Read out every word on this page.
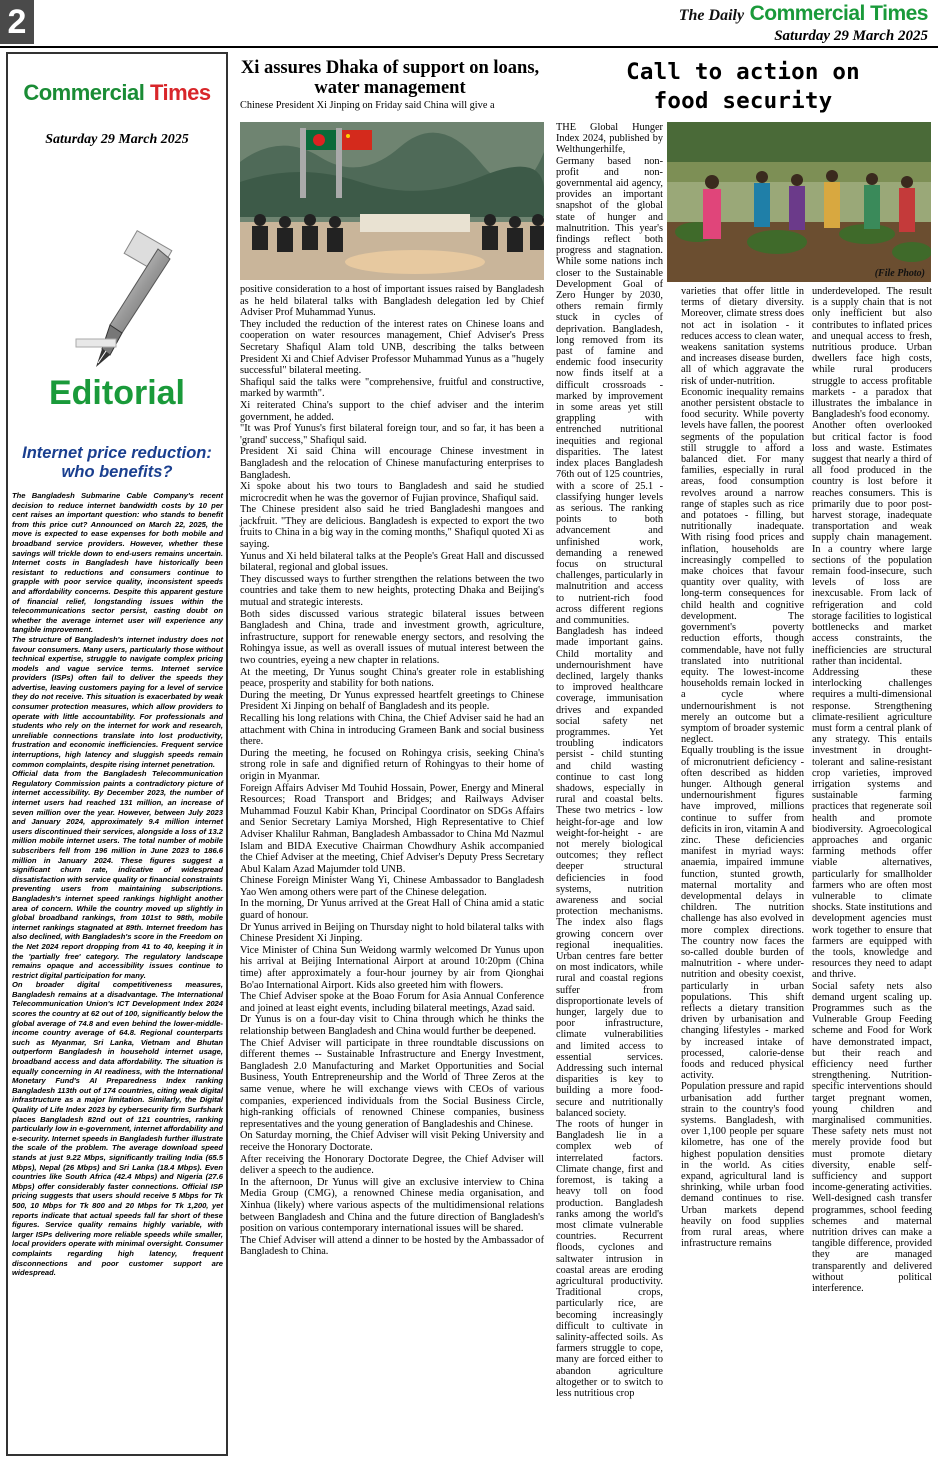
2	The Daily Commercial Times
Saturday 29 March 2025
Commercial Times
Saturday 29 March 2025
Editorial
Internet price reduction: who benefits?

The Bangladesh Submarine Cable Company's recent decision to reduce internet bandwidth costs by 10 per cent raises an important question: who stands to benefit from this price cut? Announced on March 22, 2025, the move is expected to ease expenses for both mobile and broadband service providers. However, whether these savings will trickle down to end-users remains uncertain. Internet costs in Bangladesh have historically been resistant to reductions and consumers continue to grapple with poor service quality, inconsistent speeds and affordability concerns. Despite this apparent gesture of financial relief, longstanding issues within the telecommunications sector persist, casting doubt on whether the average internet user will experience any tangible improvement.

The structure of Bangladesh's internet industry does not favour consumers. Many users, particularly those without technical expertise, struggle to navigate complex pricing models and vague service terms. Internet service providers (ISPs) often fail to deliver the speeds they advertise, leaving customers paying for a level of service they do not receive. This situation is exacerbated by weak consumer protection measures, which allow providers to operate with little accountability. For professionals and students who rely on the internet for work and research, unreliable connections translate into lost productivity, frustration and economic inefficiencies. Frequent service interruptions, high latency and sluggish speeds remain common complaints, despite rising internet penetration.

Official data from the Bangladesh Telecommunication Regulatory Commission paints a contradictory picture of internet accessibility. By December 2023, the number of internet users had reached 131 million, an increase of seven million over the year. However, between July 2023 and January 2024, approximately 9.4 million internet users discontinued their services, alongside a loss of 13.2 million mobile internet users. The total number of mobile subscribers fell from 196 million in June 2023 to 186.6 million in January 2024. These figures suggest a significant churn rate, indicative of widespread dissatisfaction with service quality or financial constraints preventing users from maintaining subscriptions. Bangladesh's internet speed rankings highlight another area of concern. While the country moved up slightly in global broadband rankings, from 101st to 98th, mobile internet rankings stagnated at 89th. Internet freedom has also declined, with Bangladesh's score in the Freedom on the Net 2024 report dropping from 41 to 40, keeping it in the 'partially free' category. The regulatory landscape remains opaque and accessibility issues continue to restrict digital participation for many.

On broader digital competitiveness measures, Bangladesh remains at a disadvantage. The International Telecommunication Union's ICT Development Index 2024 scores the country at 62 out of 100, significantly below the global average of 74.8 and even behind the lower-middle-income country average of 64.8. Regional counterparts such as Myanmar, Sri Lanka, Vietnam and Bhutan outperform Bangladesh in household internet usage, broadband access and data affordability. The situation is equally concerning in AI readiness, with the International Monetary Fund's AI Preparedness Index ranking Bangladesh 113th out of 174 countries, citing weak digital infrastructure as a major limitation. Similarly, the Digital Quality of Life Index 2023 by cybersecurity firm Surfshark places Bangladesh 82nd out of 121 countries, ranking particularly low in e-government, internet affordability and e-security. Internet speeds in Bangladesh further illustrate the scale of the problem. The average download speed stands at just 9.22 Mbps, significantly trailing India (65.5 Mbps), Nepal (26 Mbps) and Sri Lanka (18.4 Mbps). Even countries like South Africa (42.4 Mbps) and Nigeria (27.6 Mbps) offer considerably faster connections. Official ISP pricing suggests that users should receive 5 Mbps for Tk 500, 10 Mbps for Tk 800 and 20 Mbps for Tk 1,200, yet reports indicate that actual speeds fall far short of these figures. Service quality remains highly variable, with larger ISPs delivering more reliable speeds while smaller, local providers operate with minimal oversight. Consumer complaints regarding high latency, frequent disconnections and poor customer support are widespread.

Xi assures Dhaka of support on loans, water management
Chinese President Xi Jinping on Friday said China will give a

positive consideration to a host of important issues raised by Bangladesh as he held bilateral talks with Bangladesh delegation led by Chief Adviser Prof Muhammad Yunus.

They included the reduction of the interest rates on Chinese loans and cooperation on water resources management, Chief Adviser's Press Secretary Shafiqul Alam told UNB, describing the talks between President Xi and Chief Adviser Professor Muhammad Yunus as a "hugely successful" bilateral meeting.

Shafiqul said the talks were "comprehensive, fruitful and constructive, marked by warmth".

Xi reiterated China's support to the chief adviser and the interim government, he added.

"It was Prof Yunus's first bilateral foreign tour, and so far, it has been a 'grand' success," Shafiqul said.

President Xi said China will encourage Chinese investment in Bangladesh and the relocation of Chinese manufacturing enterprises to Bangladesh.

Xi spoke about his two tours to Bangladesh and said he studied microcredit when he was the governor of Fujian province, Shafiqul said.

The Chinese president also said he tried Bangladeshi mangoes and jackfruit. "They are delicious. Bangladesh is expected to export the two fruits to China in a big way in the coming months," Shafiqul quoted Xi as saying.

Yunus and Xi held bilateral talks at the People's Great Hall and discussed bilateral, regional and global issues.

They discussed ways to further strengthen the relations between the two countries and take them to new heights, protecting Dhaka and Beijing's mutual and strategic interests.

Both sides discussed various strategic bilateral issues between Bangladesh and China, trade and investment growth, agriculture, infrastructure, support for renewable energy sectors, and resolving the Rohingya issue, as well as overall issues of mutual interest between the two countries, eyeing a new chapter in relations.

At the meeting, Dr Yunus sought China's greater role in establishing peace, prosperity and stability for both nations.

During the meeting, Dr Yunus expressed heartfelt greetings to Chinese President Xi Jinping on behalf of Bangladesh and its people.

Recalling his long relations with China, the Chief Adviser said he had an attachment with China in introducing Grameen Bank and social business there.

During the meeting, he focused on Rohingya crisis, seeking China's strong role in safe and dignified return of Rohingyas to their home of origin in Myanmar.

Foreign Affairs Adviser Md Touhid Hossain, Power, Energy and Mineral Resources; Road Transport and Bridges; and Railways Adviser Muhammad Fouzul Kabir Khan, Principal Coordinator on SDGs Affairs and Senior Secretary Lamiya Morshed, High Representative to Chief Adviser Khalilur Rahman, Bangladesh Ambassador to China Md Nazmul Islam and BIDA Executive Chairman Chowdhury Ashik accompanied the Chief Adviser at the meeting, Chief Adviser's Deputy Press Secretary Abul Kalam Azad Majumder told UNB.

Chinese Foreign Minister Wang Yi, Chinese Ambassador to Bangladesh Yao Wen among others were part of the Chinese delegation.

In the morning, Dr Yunus arrived at the Great Hall of China amid a static guard of honour.

Dr Yunus arrived in Beijing on Thursday night to hold bilateral talks with Chinese President Xi Jinping.

Vice Minister of China Sun Weidong warmly welcomed Dr Yunus upon his arrival at Beijing International Airport at around 10:20pm (China time) after approximately a four-hour journey by air from Qionghai Bo'ao International Airport. Kids also greeted him with flowers.

The Chief Adviser spoke at the Boao Forum for Asia Annual Conference and joined at least eight events, including bilateral meetings, Azad said.

Dr Yunus is on a four-day visit to China through which he thinks the relationship between Bangladesh and China would further be deepened.

The Chief Adviser will participate in three roundtable discussions on different themes -- Sustainable Infrastructure and Energy Investment, Bangladesh 2.0 Manufacturing and Market Opportunities and Social Business, Youth Entrepreneurship and the World of Three Zeros at the same venue, where he will exchange views with CEOs of various companies, experienced individuals from the Social Business Circle, high-ranking officials of renowned Chinese companies, business representatives and the young generation of Bangladeshis and Chinese.

On Saturday morning, the Chief Adviser will visit Peking University and receive the Honorary Doctorate.

After receiving the Honorary Doctorate Degree, the Chief Adviser will deliver a speech to the audience.

In the afternoon, Dr Yunus will give an exclusive interview to China Media Group (CMG), a renowned Chinese media organisation, and Xinhua (likely) where various aspects of the multidimensional relations between Bangladesh and China and the future direction of Bangladesh's position on various contemporary international issues will be shared.

The Chief Adviser will attend a dinner to be hosted by the Ambassador of Bangladesh to China.

Call to action on
food security
(File Photo)

THE Global Hunger Index 2024, published by Welthungerhilfe, Germany based non-profit and non-governmental aid agency, provides an important snapshot of the global state of hunger and malnutrition. This year's findings reflect both progress and stagnation. While some nations inch closer to the Sustainable Development Goal of Zero Hunger by 2030, others remain firmly stuck in cycles of deprivation. Bangladesh, long removed from its past of famine and endemic food insecurity now finds itself at a difficult crossroads - marked by improvement in some areas yet still grappling with entrenched nutritional inequities and regional disparities. The latest index places Bangladesh 76th out of 125 countries, with a score of 25.1 - classifying hunger levels as serious. The ranking points to both advancement and unfinished work, demanding a renewed focus on structural challenges, particularly in malnutrition and access to nutrient-rich food across different regions and communities.

Bangladesh has indeed made important gains. Child mortality and undernourishment have declined, largely thanks to improved healthcare coverage, immunisation drives and expanded social safety net programmes. Yet troubling indicators persist - child stunting and child wasting continue to cast long shadows, especially in rural and coastal belts. These two metrics - low height-for-age and low weight-for-height - are not merely biological outcomes; they reflect deeper structural deficiencies in food systems, nutrition awareness and social protection mechanisms. The index also flags growing concern over regional inequalities. Urban centres fare better on most indicators, while rural and coastal regions suffer from disproportionate levels of hunger, largely due to poor infrastructure, climate vulnerabilities and limited access to essential services. Addressing such internal disparities is key to building a more food-secure and nutritionally balanced society.

The roots of hunger in Bangladesh lie in a complex web of interrelated factors. Climate change, first and foremost, is taking a heavy toll on food production. Bangladesh ranks among the world's most climate vulnerable countries. Recurrent floods, cyclones and saltwater intrusion in coastal areas are eroding agricultural productivity. Traditional crops, particularly rice, are becoming increasingly difficult to cultivate in salinity-affected soils. As farmers struggle to cope, many are forced either to abandon agriculture altogether or to switch to less nutritious crop

varieties that offer little in terms of dietary diversity. Moreover, climate stress does not act in isolation - it reduces access to clean water, weakens sanitation systems and increases disease burden, all of which aggravate the risk of under-nutrition.

Economic inequality remains another persistent obstacle to food security. While poverty levels have fallen, the poorest segments of the population still struggle to afford a balanced diet. For many families, especially in rural areas, food consumption revolves around a narrow range of staples such as rice and potatoes - filling, but nutritionally inadequate. With rising food prices and inflation, households are increasingly compelled to make choices that favour quantity over quality, with long-term consequences for child health and cognitive development. The government's poverty reduction efforts, though commendable, have not fully translated into nutritional equity. The lowest-income households remain locked in a cycle where undernourishment is not merely an outcome but a symptom of broader systemic neglect.

Equally troubling is the issue of micronutrient deficiency - often described as hidden hunger. Although general undernourishment figures have improved, millions continue to suffer from deficits in iron, vitamin A and zinc. These deficiencies manifest in myriad ways: anaemia, impaired immune function, stunted growth, maternal mortality and developmental delays in children. The nutrition challenge has also evolved in more complex directions. The country now faces the so-called double burden of malnutrition - where under-nutrition and obesity coexist, particularly in urban populations. This shift reflects a dietary transition driven by urbanisation and changing lifestyles - marked by increased intake of processed, calorie-dense foods and reduced physical activity.

Population pressure and rapid urbanisation add further strain to the country's food systems. Bangladesh, with over 1,100 people per square kilometre, has one of the highest population densities in the world. As cities expand, agricultural land is shrinking, while urban food demand continues to rise. Urban markets depend heavily on food supplies from rural areas, where infrastructure remains

underdeveloped. The result is a supply chain that is not only inefficient but also contributes to inflated prices and unequal access to fresh, nutritious produce. Urban dwellers face high costs, while rural producers struggle to access profitable markets - a paradox that illustrates the imbalance in Bangladesh's food economy.

Another often overlooked but critical factor is food loss and waste. Estimates suggest that nearly a third of all food produced in the country is lost before it reaches consumers. This is primarily due to poor post-harvest storage, inadequate transportation and weak supply chain management. In a country where large sections of the population remain food-insecure, such levels of loss are inexcusable. From lack of refrigeration and cold storage facilities to logistical bottlenecks and market access constraints, the inefficiencies are structural rather than incidental.

Addressing these interlocking challenges requires a multi-dimensional response. Strengthening climate-resilient agriculture must form a central plank of any strategy. This entails investment in drought-tolerant and saline-resistant crop varieties, improved irrigation systems and sustainable farming practices that regenerate soil health and promote biodiversity. Agroecological approaches and organic farming methods offer viable alternatives, particularly for smallholder farmers who are often most vulnerable to climate shocks. State institutions and development agencies must work together to ensure that farmers are equipped with the tools, knowledge and resources they need to adapt and thrive.

Social safety nets also demand urgent scaling up. Programmes such as the Vulnerable Group Feeding scheme and Food for Work have demonstrated impact, but their reach and efficiency need further strengthening. Nutrition-specific interventions should target pregnant women, young children and marginalised communities. These safety nets must not merely provide food but must promote dietary diversity, enable self-sufficiency and support income-generating activities. Well-designed cash transfer programmes, school feeding schemes and maternal nutrition drives can make a tangible difference, provided they are managed transparently and delivered without political interference.
